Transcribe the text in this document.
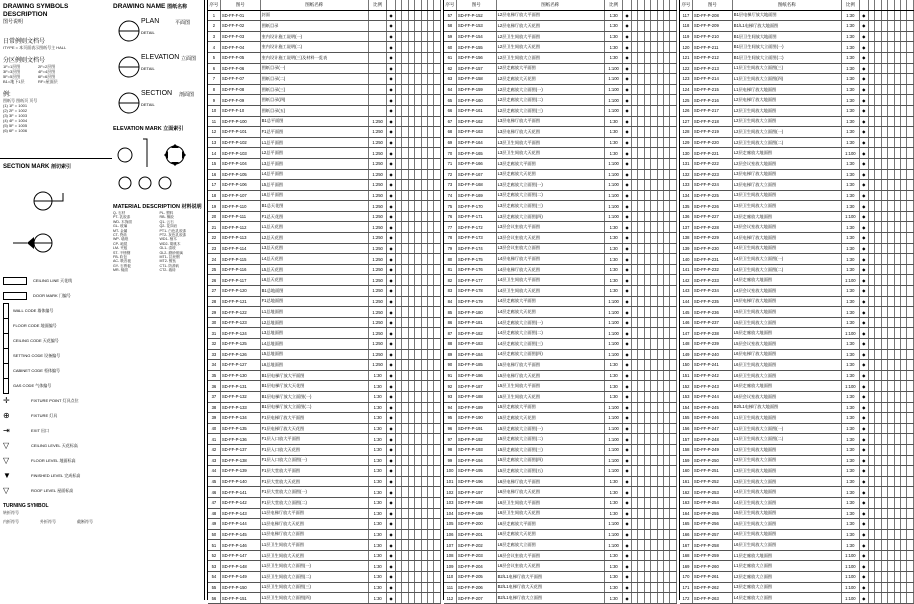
DRAWING SYMBOLS DESCRIPTION
图号说明
日常例则文档号
ITYPE = 本页面表示图纸号主 HALL
分区例则文档号
1F=1层图	2F=2层图
3F=3层图	4F=4层图
5F=5层图	6F=6层图
B1=地下1层	RF=屋面层
例:
图纸号 图纸页 页号
(1) 1F = 1001
(2) 2F = 1002
(3) 3F = 1003
(4) 4F = 1004
(5) 5F = 1005
(6) 6F = 1006
SECTION MARK 剖切索引
CEILING LINE
天花线
DOOR MARK
门编号
WALL CODE
墙体编号
FLOOR CODE
地面编号
CEILING CODE
天花编号
SETTING CODE
设备编号
CABINET CODE
柜体编号
GAS CODE
气体编号
✛	FIXTURE POINT
灯具点位
⊕	FIXTURE
灯具
⇥	EXIT
出口
▽	CEILING LEVEL
天花标高
▽	FLOOR LEVEL
地面标高
▼	FINISHED LEVEL
完成标高
▽	ROOF LEVEL
屋面标高
TURNING SYMBOL
转折符号
内折符号	外折符号	截断符号
DRAWING NAME 图纸名称
PLAN	平面图
DETAIL
ELEVATION 立面图
DETAIL
SECTION 剖面图
DETAIL
ELEVATION MARK 立面索引
MATERIAL DESCRIPTION 材料说明
Q- 石材
PT- 乳胶漆
WD- 木饰面
GL- 玻璃
MT- 金属
CT- 瓷砖
WP- 墙纸
CP- 地毯
LM- 夹板
ST- 不锈钢
FB- 软包
AC- 吸音板
GY- 石膏板
MR- 镜面
PL- 塑料
RB- 橡胶
Q1- 云石
Q2- 花岗岩
PT1- 白色乳胶漆
PT2- 灰色乳胶漆
WD1- 柚木
WD2- 胡桃木
GL1- 清玻
GL2- 磨砂玻璃
MT1- 拉丝钢
MT2- 镀钛
CT1- 防滑砖
CT2- 墙砖
序号	图号	图纸名称	比例								
1	SD-FF-F-01	封面		◆							
2	SD-FF-F-02	图纸目录		◆							
3	SD-FF-F-03	室内设计施工说明(一)		◆							
4	SD-FF-F-04	室内设计施工说明(二)		◆							
5	SD-FF-F-05	室内设计施工说明(三)及材料一览表		◆							
6	SD-FF-F-06	图纸目录(一)		◆							
7	SD-FF-F-07	图纸目录(二)		◆							
8	SD-FF-F-08	图纸目录(三)		◆							
9	SD-FF-F-09	图纸目录(四)		◆							
10	SD-FF-F-10	图纸目录(五)		◆							
11	SD-FF-P-100	B1总平面图	1:250	◆							
12	SD-FF-P-101	F1总平面图	1:250	◆							
13	SD-FF-P-102	L1总平面图	1:250	◆							
14	SD-FF-P-103	L2总平面图	1:250	◆							
15	SD-FF-P-104	L3总平面图	1:250	◆							
16	SD-FF-P-105	L4总平面图	1:250	◆							
17	SD-FF-P-106	L5总平面图	1:250	◆							
18	SD-FF-P-107	L6总平面图	1:250	◆							
19	SD-FF-P-110	B1总天花图	1:250	◆							
20	SD-FF-P-111	F1总天花图	1:250	◆							
21	SD-FF-P-112	L1总天花图	1:250	◆							
22	SD-FF-P-113	L2总天花图	1:250	◆							
23	SD-FF-P-114	L3总天花图	1:250	◆							
24	SD-FF-P-115	L4总天花图	1:250	◆							
25	SD-FF-P-116	L5总天花图	1:250	◆							
26	SD-FF-P-117	L6总天花图	1:250	◆							
27	SD-FF-P-120	B1总地面图	1:250	◆							
28	SD-FF-P-121	F1总地面图	1:250	◆							
29	SD-FF-P-122	L1总地面图	1:250	◆							
30	SD-FF-P-123	L2总地面图	1:250	◆							
31	SD-FF-P-124	L3总地面图	1:250	◆							
32	SD-FF-P-125	L4总地面图	1:250	◆							
33	SD-FF-P-126	L5总地面图	1:250	◆							
34	SD-FF-P-127	L6总地面图	1:250	◆							
35	SD-FF-P-130	B1层电梯厅放大平面图	1:30	◆							
36	SD-FF-P-131	B1层电梯厅放大天花图	1:30	◆							
37	SD-FF-P-132	B1层电梯厅放大立面图(一)	1:30	◆							
38	SD-FF-P-133	B1层电梯厅放大立面图(二)	1:30	◆							
39	SD-FF-P-134	F1层电梯厅放大平面图	1:30	◆							
40	SD-FF-P-135	F1层电梯厅放大天花图	1:30	◆							
41	SD-FF-P-136	F1层入口放大平面图	1:30	◆							
42	SD-FF-P-137	F1层入口放大天花图	1:30	◆							
43	SD-FF-P-138	F1层入口放大立面图(一)	1:30	◆							
44	SD-FF-P-139	F1层大堂放大平面图	1:30	◆							
45	SD-FF-P-140	F1层大堂放大天花图	1:30	◆							
46	SD-FF-P-141	F1层大堂放大立面图(一)	1:30	◆							
47	SD-FF-P-142	F1层大堂放大立面图(二)	1:30	◆							
48	SD-FF-P-143	L1层电梯厅放大平面图	1:30	◆							
49	SD-FF-P-144	L1层电梯厅放大天花图	1:30	◆							
50	SD-FF-P-145	L1层电梯厅放大立面图	1:30	◆							
51	SD-FF-P-146	L1层卫生间放大平面图	1:30	◆							
52	SD-FF-P-147	L1层卫生间放大天花图	1:30	◆							
53	SD-FF-P-148	L1层卫生间放大立面图(一)	1:30	◆							
54	SD-FF-P-149	L1层卫生间放大立面图(二)	1:30	◆							
55	SD-FF-P-150	L1层卫生间放大立面图(三)	1:30	◆							
56	SD-FF-P-151	L1层卫生间放大立面图(四)	1:30	◆							
序号	图号	图纸名称	比例								
57	SD-FF-P-152	L2层电梯厅放大平面图	1:30	◆							
58	SD-FF-P-153	L2层电梯厅放大天花图	1:30	◆							
59	SD-FF-P-154	L2层卫生间放大平面图	1:30	◆							
60	SD-FF-P-155	L2层卫生间放大天花图	1:30	◆							
61	SD-FF-P-156	L2层卫生间放大立面图	1:30	◆							
62	SD-FF-P-157	L2层走廊放大平面图	1:100	◆							
63	SD-FF-P-158	L2层走廊放大天花图	1:100	◆							
64	SD-FF-P-159	L2层走廊放大立面图(一)	1:100	◆							
65	SD-FF-P-160	L2层走廊放大立面图(二)	1:100	◆							
66	SD-FF-P-161	L2层走廊放大立面图(三)	1:100	◆							
67	SD-FF-P-162	L3层电梯厅放大平面图	1:30	◆							
68	SD-FF-P-163	L3层电梯厅放大天花图	1:30	◆							
69	SD-FF-P-164	L3层卫生间放大平面图	1:30	◆							
70	SD-FF-P-165	L3层卫生间放大天花图	1:30	◆							
71	SD-FF-P-166	L3层走廊放大平面图	1:100	◆							
72	SD-FF-P-167	L3层走廊放大天花图	1:100	◆							
73	SD-FF-P-168	L3层走廊放大立面图(一)	1:100	◆							
74	SD-FF-P-169	L3层走廊放大立面图(二)	1:100	◆							
75	SD-FF-P-170	L3层走廊放大立面图(三)	1:100	◆							
76	SD-FF-P-171	L3层走廊放大立面图(四)	1:100	◆							
77	SD-FF-P-172	L3层会议室放大平面图	1:30	◆							
78	SD-FF-P-173	L3层会议室放大天花图	1:30	◆							
79	SD-FF-P-174	L3层会议室放大立面图	1:30	◆							
80	SD-FF-P-175	L4层电梯厅放大平面图	1:30	◆							
81	SD-FF-P-176	L4层电梯厅放大天花图	1:30	◆							
82	SD-FF-P-177	L4层卫生间放大平面图	1:30	◆							
83	SD-FF-P-178	L4层卫生间放大天花图	1:30	◆							
84	SD-FF-P-179	L4层走廊放大平面图	1:100	◆							
85	SD-FF-P-180	L4层走廊放大天花图	1:100	◆							
86	SD-FF-P-181	L4层走廊放大立面图(一)	1:100	◆							
87	SD-FF-P-182	L4层走廊放大立面图(二)	1:100	◆							
88	SD-FF-P-183	L4层走廊放大立面图(三)	1:100	◆							
89	SD-FF-P-184	L4层走廊放大立面图(四)	1:100	◆							
90	SD-FF-P-185	L5层电梯厅放大平面图	1:30	◆							
91	SD-FF-P-186	L5层电梯厅放大天花图	1:30	◆							
92	SD-FF-P-187	L5层卫生间放大平面图	1:30	◆							
93	SD-FF-P-188	L5层卫生间放大天花图	1:30	◆							
94	SD-FF-P-189	L5层走廊放大平面图	1:100	◆							
95	SD-FF-P-190	L5层走廊放大天花图	1:100	◆							
96	SD-FF-P-191	L5层走廊放大立面图(一)	1:100	◆							
97	SD-FF-P-192	L5层走廊放大立面图(二)	1:100	◆							
98	SD-FF-P-193	L5层走廊放大立面图(三)	1:100	◆							
99	SD-FF-P-194	L5层走廊放大立面图(四)	1:100	◆							
100	SD-FF-P-195	L5层走廊放大立面图(五)	1:100	◆							
101	SD-FF-P-196	L6层电梯厅放大平面图	1:30	◆							
102	SD-FF-P-197	L6层电梯厅放大天花图	1:30	◆							
103	SD-FF-P-198	L6层卫生间放大平面图	1:30	◆							
104	SD-FF-P-199	L6层卫生间放大天花图	1:30	◆							
105	SD-FF-P-200	L6层走廊放大平面图	1:100	◆							
106	SD-FF-P-201	L6层走廊放大天花图	1:100	◆							
107	SD-FF-P-202	L6层走廊放大立面图	1:100	◆							
108	SD-FF-P-203	L6层会议室放大平面图	1:30	◆							
109	SD-FF-P-204	L6层会议室放大天花图	1:30	◆							
110	SD-FF-P-205	B2/L1电梯厅放大平面图	1:30	◆							
111	SD-FF-P-206	B2/L1电梯厅放大天花图	1:30	◆							
112	SD-FF-P-207	B2/L1电梯厅放大立面图	1:30	◆							
序号	图号	图纸名称	比例								
117	SD-FF-P-208	B1层电梯厅放大地面图	1:30	◆							
118	SD-FF-P-209	B1/L1电梯厅放大地面图	1:30	◆							
119	SD-FF-P-210	B1层卫生间放大地面图	1:30	◆							
120	SD-FF-P-211	B1层卫生间放大立面图(一)	1:30	◆							
121	SD-FF-P-212	B1层卫生间放大立面图(二)	1:30	◆							
122	SD-FF-P-213	L1层卫生间放大立面图(三)	1:30	◆							
123	SD-FF-P-214	L1层卫生间放大立面图(四)	1:30	◆							
124	SD-FF-P-215	L1层电梯厅放大地面图	1:30	◆							
125	SD-FF-P-216	L2层电梯厅放大地面图	1:30	◆							
126	SD-FF-P-217	L2层卫生间放大地面图	1:30	◆							
127	SD-FF-P-218	L2层卫生间放大立面图	1:30	◆							
128	SD-FF-P-219	L2层卫生间放大立面图(一)	1:30	◆							
129	SD-FF-P-220	L2层卫生间放大立面图(二)	1:30	◆							
130	SD-FF-P-221	L2层走廊放大地面图	1:100	◆							
131	SD-FF-P-222	L2层会议室放大地面图	1:30	◆							
132	SD-FF-P-223	L3层电梯厅放大地面图	1:30	◆							
133	SD-FF-P-224	L3层电梯厅放大立面图	1:30	◆							
134	SD-FF-P-225	L3层卫生间放大地面图	1:30	◆							
135	SD-FF-P-226	L3层卫生间放大立面图	1:30	◆							
136	SD-FF-P-227	L3层走廊放大地面图	1:100	◆							
137	SD-FF-P-228	L3层会议室放大地面图	1:30	◆							
138	SD-FF-P-229	L4层电梯厅放大地面图	1:30	◆							
139	SD-FF-P-230	L4层卫生间放大地面图	1:30	◆							
140	SD-FF-P-231	L4层卫生间放大立面图(一)	1:30	◆							
141	SD-FF-P-232	L4层卫生间放大立面图(二)	1:30	◆							
142	SD-FF-P-233	L4层走廊放大地面图	1:100	◆							
143	SD-FF-P-234	L4层会议室放大地面图	1:30	◆							
144	SD-FF-P-235	L5层电梯厅放大地面图	1:30	◆							
145	SD-FF-P-236	L5层卫生间放大地面图	1:30	◆							
146	SD-FF-P-237	L5层卫生间放大立面图	1:30	◆							
147	SD-FF-P-238	L5层走廊放大地面图	1:100	◆							
148	SD-FF-P-239	L5层会议室放大地面图	1:30	◆							
149	SD-FF-P-240	L6层电梯厅放大地面图	1:30	◆							
150	SD-FF-P-241	L6层卫生间放大地面图	1:30	◆							
151	SD-FF-P-242	L6层卫生间放大立面图	1:30	◆							
152	SD-FF-P-243	L6层走廊放大地面图	1:100	◆							
153	SD-FF-P-244	L6层会议室放大地面图	1:30	◆							
154	SD-FF-P-245	B2/L1电梯厅放大地面图	1:30	◆							
155	SD-FF-P-246	L1层卫生间放大地面图	1:30	◆							
156	SD-FF-P-247	L1层卫生间放大立面图(一)	1:30	◆							
157	SD-FF-P-248	L1层卫生间放大立面图(二)	1:30	◆							
158	SD-FF-P-249	L2层卫生间放大地面图	1:30	◆							
159	SD-FF-P-250	L2层卫生间放大立面图	1:30	◆							
160	SD-FF-P-251	L3层卫生间放大地面图	1:30	◆							
161	SD-FF-P-252	L3层卫生间放大立面图	1:30	◆							
162	SD-FF-P-253	L4层卫生间放大地面图	1:30	◆							
163	SD-FF-P-254	L4层卫生间放大立面图	1:30	◆							
164	SD-FF-P-255	L5层卫生间放大地面图	1:30	◆							
165	SD-FF-P-256	L5层卫生间放大立面图	1:30	◆							
166	SD-FF-P-257	L6层卫生间放大地面图	1:30	◆							
167	SD-FF-P-258	L6层卫生间放大立面图	1:30	◆							
168	SD-FF-P-259	L1层走廊放大地面图	1:100	◆							
169	SD-FF-P-260	L1层走廊放大立面图	1:100	◆							
170	SD-FF-P-261	L2层走廊放大立面图	1:100	◆							
171	SD-FF-P-262	L3层走廊放大立面图	1:100	◆							
172	SD-FF-P-263	L4层走廊放大立面图	1:100	◆							
